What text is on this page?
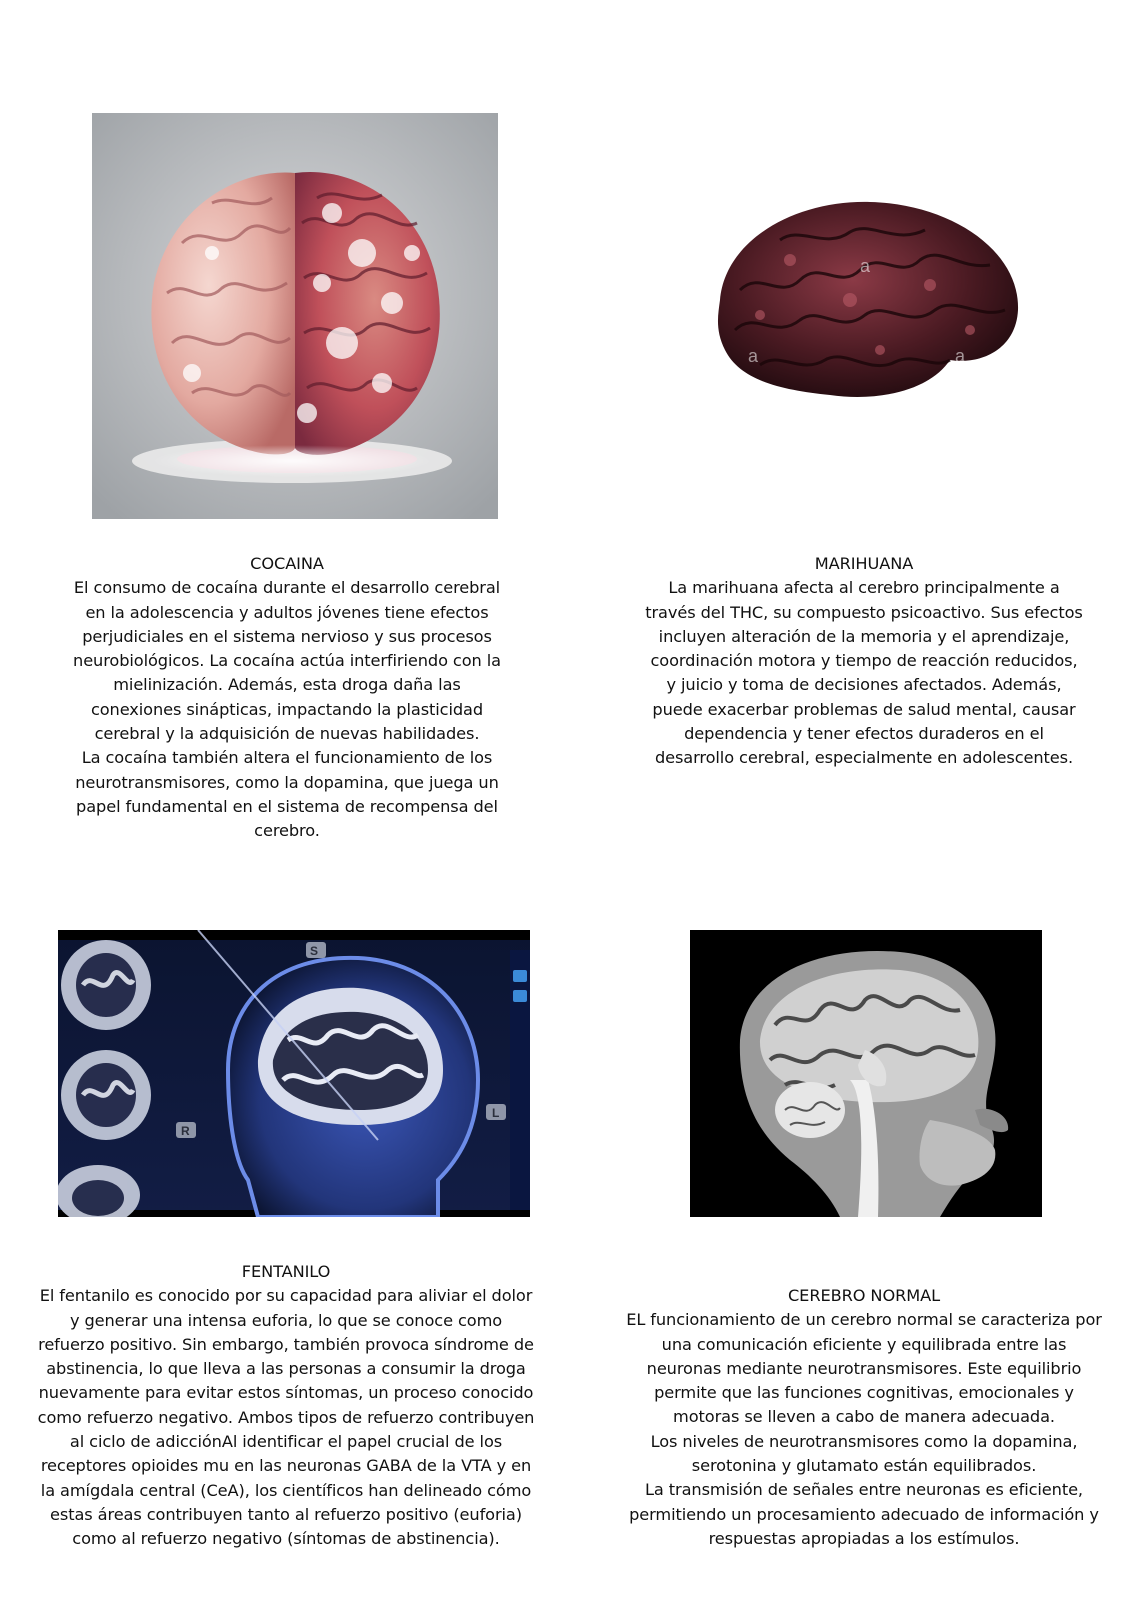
a
a	a

COCAINA

El consumo de cocaína durante el desarrollo cerebral en la adolescencia y adultos jóvenes tiene efectos perjudiciales en el sistema nervioso y sus procesos neurobiológicos. La cocaína actúa interfiriendo con la mielinización. Además, esta droga daña las conexiones sinápticas, impactando la plasticidad cerebral y la adquisición de nuevas habilidades.

La cocaína también altera el funcionamiento de los neurotransmisores, como la dopamina, que juega un papel fundamental en el sistema de recompensa del cerebro.

MARIHUANA

La marihuana afecta al cerebro principalmente a través del THC, su compuesto psicoactivo. Sus efectos incluyen alteración de la memoria y el aprendizaje, coordinación motora y tiempo de reacción reducidos, y juicio y toma de decisiones afectados. Además, puede exacerbar problemas de salud mental, causar dependencia y tener efectos duraderos en el desarrollo cerebral, especialmente en adolescentes.

S
R
L

FENTANILO

El fentanilo es conocido por su capacidad para aliviar el dolor y generar una intensa euforia, lo que se conoce como refuerzo positivo. Sin embargo, también provoca síndrome de abstinencia, lo que lleva a las personas a consumir la droga nuevamente para evitar estos síntomas, un proceso conocido como refuerzo negativo. Ambos tipos de refuerzo contribuyen al ciclo de adicciónAl identificar el papel crucial de los receptores opioides mu en las neuronas GABA de la VTA y en la amígdala central (CeA), los científicos han delineado cómo estas áreas contribuyen tanto al refuerzo positivo (euforia) como al refuerzo negativo (síntomas de abstinencia).

CEREBRO NORMAL

EL funcionamiento de un cerebro normal se caracteriza por una comunicación eficiente y equilibrada entre las neuronas mediante neurotransmisores. Este equilibrio permite que las funciones cognitivas, emocionales y motoras se lleven a cabo de manera adecuada.

Los niveles de neurotransmisores como la dopamina, serotonina y glutamato están equilibrados.

La transmisión de señales entre neuronas es eficiente, permitiendo un procesamiento adecuado de información y respuestas apropiadas a los estímulos.
